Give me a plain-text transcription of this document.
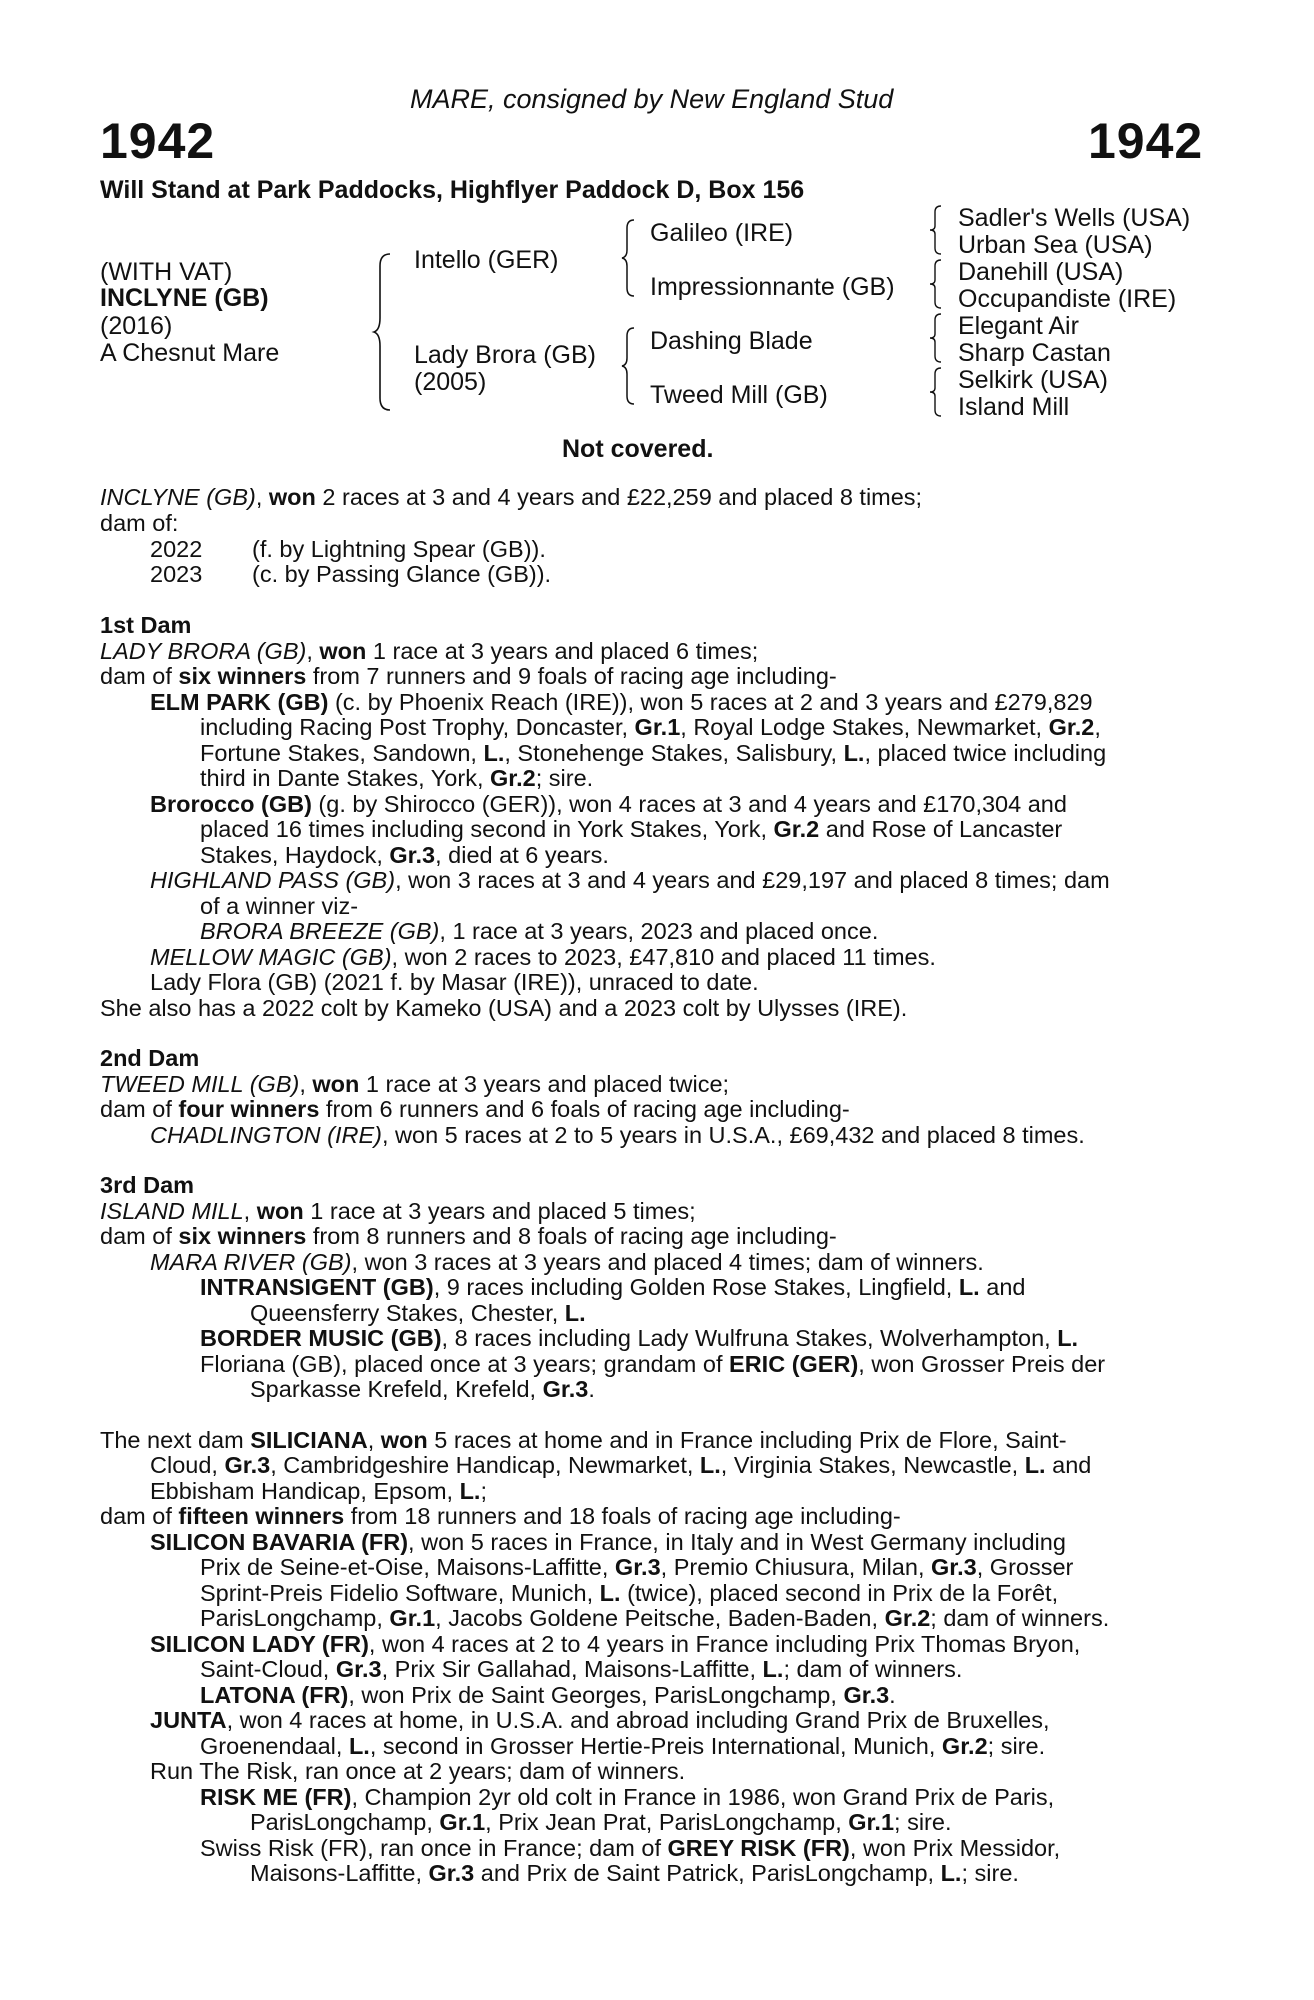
MARE, consigned by New England Stud
1942	1942
Will Stand at Park Paddocks, Highflyer Paddock D, Box 156
(WITH VAT)
INCLYNE (GB)
(2016)
A Chesnut Mare
Intello (GER)
Lady Brora (GB)
(2005)
Galileo (IRE)
Impressionnante (GB)
Dashing Blade
Tweed Mill (GB)
Sadler's Wells (USA)
Urban Sea (USA)
Danehill (USA)
Occupandiste (IRE)
Elegant Air
Sharp Castan
Selkirk (USA)
Island Mill
Not covered.
INCLYNE (GB), won 2 races at 3 and 4 years and £22,259 and placed 8 times;
dam of:
2022 (f. by Lightning Spear (GB)).
2023 (c. by Passing Glance (GB)).
1st Dam
LADY BRORA (GB), won 1 race at 3 years and placed 6 times;
dam of six winners from 7 runners and 9 foals of racing age including-
ELM PARK (GB) (c. by Phoenix Reach (IRE)), won 5 races at 2 and 3 years and £279,829
including Racing Post Trophy, Doncaster, Gr.1, Royal Lodge Stakes, Newmarket, Gr.2,
Fortune Stakes, Sandown, L., Stonehenge Stakes, Salisbury, L., placed twice including
third in Dante Stakes, York, Gr.2; sire.
Brorocco (GB) (g. by Shirocco (GER)), won 4 races at 3 and 4 years and £170,304 and
placed 16 times including second in York Stakes, York, Gr.2 and Rose of Lancaster
Stakes, Haydock, Gr.3, died at 6 years.
HIGHLAND PASS (GB), won 3 races at 3 and 4 years and £29,197 and placed 8 times; dam
of a winner viz-
BRORA BREEZE (GB), 1 race at 3 years, 2023 and placed once.
MELLOW MAGIC (GB), won 2 races to 2023, £47,810 and placed 11 times.
Lady Flora (GB) (2021 f. by Masar (IRE)), unraced to date.
She also has a 2022 colt by Kameko (USA) and a 2023 colt by Ulysses (IRE).
2nd Dam
TWEED MILL (GB), won 1 race at 3 years and placed twice;
dam of four winners from 6 runners and 6 foals of racing age including-
CHADLINGTON (IRE), won 5 races at 2 to 5 years in U.S.A., £69,432 and placed 8 times.
3rd Dam
ISLAND MILL, won 1 race at 3 years and placed 5 times;
dam of six winners from 8 runners and 8 foals of racing age including-
MARA RIVER (GB), won 3 races at 3 years and placed 4 times; dam of winners.
INTRANSIGENT (GB), 9 races including Golden Rose Stakes, Lingfield, L. and
Queensferry Stakes, Chester, L.
BORDER MUSIC (GB), 8 races including Lady Wulfruna Stakes, Wolverhampton, L.
Floriana (GB), placed once at 3 years; grandam of ERIC (GER), won Grosser Preis der
Sparkasse Krefeld, Krefeld, Gr.3.
The next dam SILICIANA, won 5 races at home and in France including Prix de Flore, Saint-
Cloud, Gr.3, Cambridgeshire Handicap, Newmarket, L., Virginia Stakes, Newcastle, L. and
Ebbisham Handicap, Epsom, L.;
dam of fifteen winners from 18 runners and 18 foals of racing age including-
SILICON BAVARIA (FR), won 5 races in France, in Italy and in West Germany including
Prix de Seine-et-Oise, Maisons-Laffitte, Gr.3, Premio Chiusura, Milan, Gr.3, Grosser
Sprint-Preis Fidelio Software, Munich, L. (twice), placed second in Prix de la Forêt,
ParisLongchamp, Gr.1, Jacobs Goldene Peitsche, Baden-Baden, Gr.2; dam of winners.
SILICON LADY (FR), won 4 races at 2 to 4 years in France including Prix Thomas Bryon,
Saint-Cloud, Gr.3, Prix Sir Gallahad, Maisons-Laffitte, L.; dam of winners.
LATONA (FR), won Prix de Saint Georges, ParisLongchamp, Gr.3.
JUNTA, won 4 races at home, in U.S.A. and abroad including Grand Prix de Bruxelles,
Groenendaal, L., second in Grosser Hertie-Preis International, Munich, Gr.2; sire.
Run The Risk, ran once at 2 years; dam of winners.
RISK ME (FR), Champion 2yr old colt in France in 1986, won Grand Prix de Paris,
ParisLongchamp, Gr.1, Prix Jean Prat, ParisLongchamp, Gr.1; sire.
Swiss Risk (FR), ran once in France; dam of GREY RISK (FR), won Prix Messidor,
Maisons-Laffitte, Gr.3 and Prix de Saint Patrick, ParisLongchamp, L.; sire.
